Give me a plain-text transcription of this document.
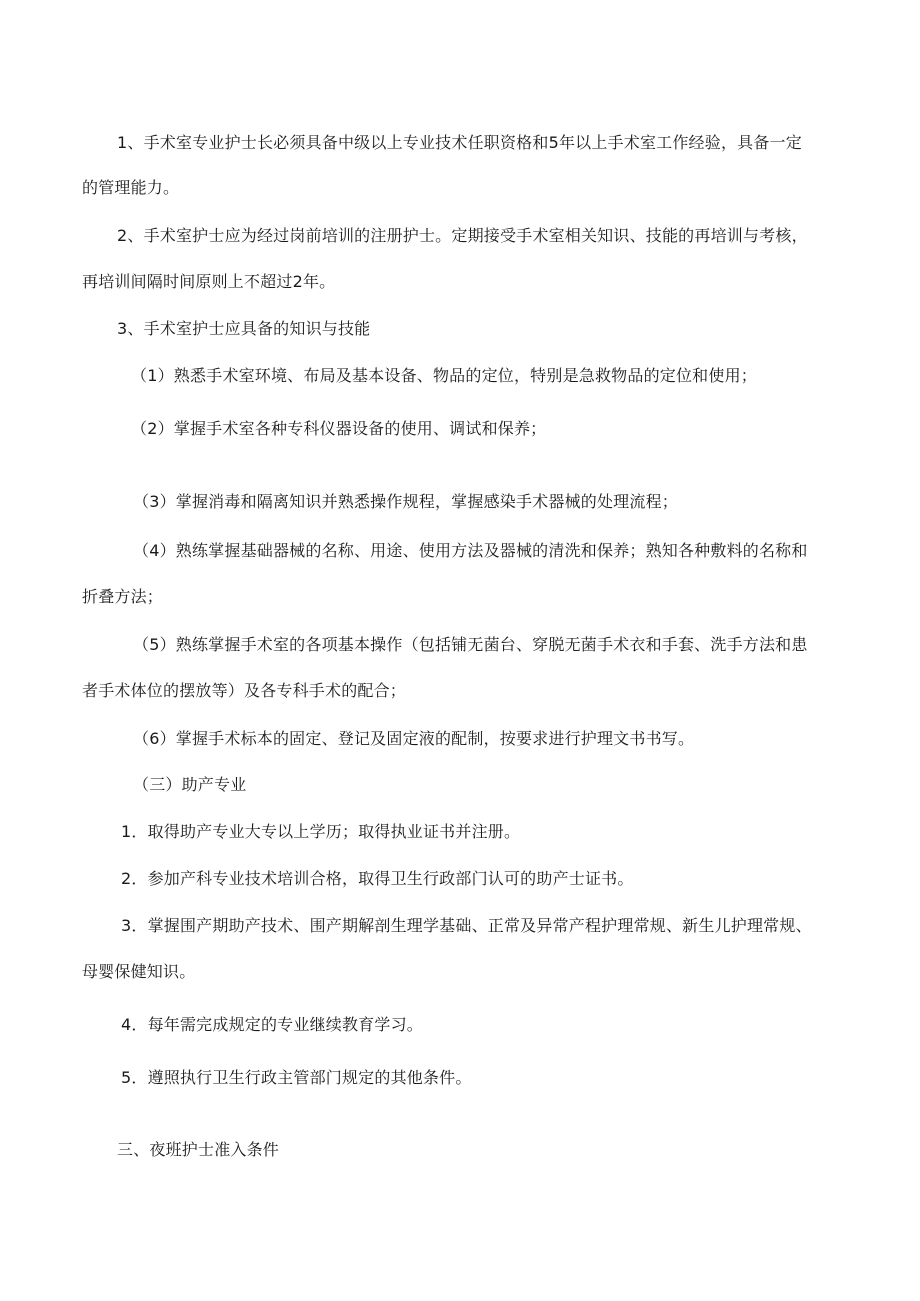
1、手术室专业护士长必须具备中级以上专业技术任职资格和5年以上手术室工作经验，具备一定
的管理能力。
2、手术室护士应为经过岗前培训的注册护士。定期接受手术室相关知识、技能的再培训与考核，
再培训间隔时间原则上不超过2年。
3、手术室护士应具备的知识与技能
（1）熟悉手术室环境、布局及基本设备、物品的定位，特别是急救物品的定位和使用；
（2）掌握手术室各种专科仪器设备的使用、调试和保养；
（3）掌握消毒和隔离知识并熟悉操作规程，掌握感染手术器械的处理流程；
（4）熟练掌握基础器械的名称、用途、使用方法及器械的清洗和保养；熟知各种敷料的名称和
折叠方法；
（5）熟练掌握手术室的各项基本操作（包括铺无菌台、穿脱无菌手术衣和手套、洗手方法和患
者手术体位的摆放等）及各专科手术的配合；
（6）掌握手术标本的固定、登记及固定液的配制，按要求进行护理文书书写。
（三）助产专业
1．取得助产专业大专以上学历；取得执业证书并注册。
2．参加产科专业技术培训合格，取得卫生行政部门认可的助产士证书。
3．掌握围产期助产技术、围产期解剖生理学基础、正常及异常产程护理常规、新生儿护理常规、
母婴保健知识。
4．每年需完成规定的专业继续教育学习。
5．遵照执行卫生行政主管部门规定的其他条件。
三、夜班护士准入条件
